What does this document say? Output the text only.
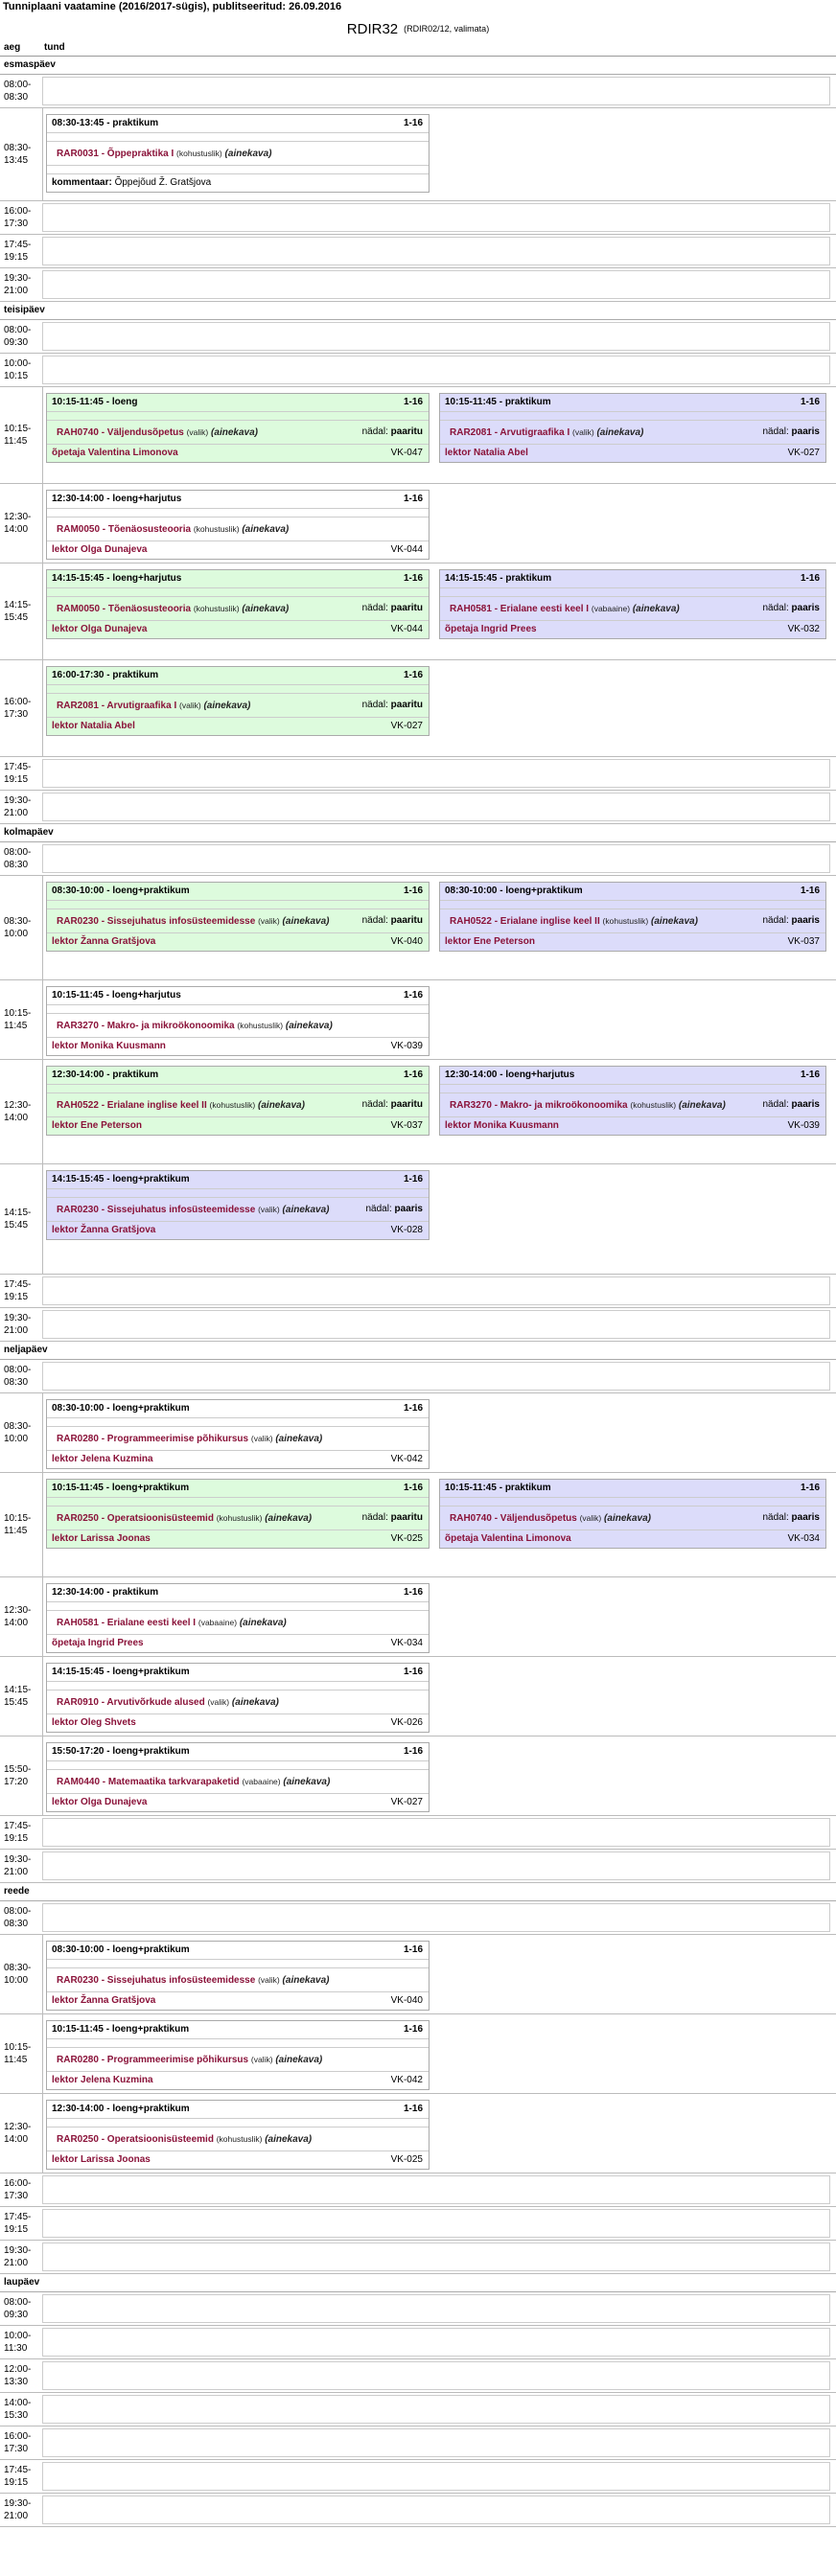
Tunniplaani vaatamine (2016/2017-sügis), publitseeritud: 26.09.2016
RDIR32 $_{(RDIR02/12, valimata)}$
aeg tund
esmaspäev
08:00-
08:30
08:30-
13:45
08:30-13:45 - praktikum	1-16
RAR0031 - Õppepraktika I (kohustuslik) (ainekava)
kommentaar: Õppejõud Ž. Gratšjova
16:00-
17:30
17:45-
19:15
19:30-
21:00
teisipäev
08:00-
09:30
10:00-
10:15
10:15-
11:45
10:15-11:45 - loeng	1-16
RAH0740 - Väljendusõpetus (valik) (ainekava)	nädal: paaritu
õpetaja Valentina Limonova	VK-047
10:15-11:45 - praktikum	1-16
RAR2081 - Arvutigraafika I (valik) (ainekava)	nädal: paaris
lektor Natalia Abel	VK-027
12:30-
14:00
12:30-14:00 - loeng+harjutus	1-16
RAM0050 - Tõenäosusteooria (kohustuslik) (ainekava)
lektor Olga Dunajeva	VK-044
14:15-
15:45
14:15-15:45 - loeng+harjutus	1-16
RAM0050 - Tõenäosusteooria (kohustuslik) (ainekava)	nädal: paaritu
lektor Olga Dunajeva	VK-044
14:15-15:45 - praktikum	1-16
RAH0581 - Erialane eesti keel I (vabaaine) (ainekava)	nädal: paaris
õpetaja Ingrid Prees	VK-032
16:00-
17:30
16:00-17:30 - praktikum	1-16
RAR2081 - Arvutigraafika I (valik) (ainekava)	nädal: paaritu
lektor Natalia Abel	VK-027
17:45-
19:15
19:30-
21:00
kolmapäev
08:00-
08:30
08:30-
10:00
08:30-10:00 - loeng+praktikum	1-16
RAR0230 - Sissejuhatus infosüsteemidesse (valik) (ainekava)	nädal: paaritu
lektor Žanna Gratšjova	VK-040
08:30-10:00 - loeng+praktikum	1-16
RAH0522 - Erialane inglise keel II (kohustuslik) (ainekava)	nädal: paaris
lektor Ene Peterson	VK-037
10:15-
11:45
10:15-11:45 - loeng+harjutus	1-16
RAR3270 - Makro- ja mikroökonoomika (kohustuslik) (ainekava)
lektor Monika Kuusmann	VK-039
12:30-
14:00
12:30-14:00 - praktikum	1-16
RAH0522 - Erialane inglise keel II (kohustuslik) (ainekava)	nädal: paaritu
lektor Ene Peterson	VK-037
12:30-14:00 - loeng+harjutus	1-16
RAR3270 - Makro- ja mikroökonoomika (kohustuslik) (ainekava)	nädal: paaris
lektor Monika Kuusmann	VK-039
14:15-
15:45
14:15-15:45 - loeng+praktikum	1-16
RAR0230 - Sissejuhatus infosüsteemidesse (valik) (ainekava)	nädal: paaris
lektor Žanna Gratšjova	VK-028
17:45-
19:15
19:30-
21:00
neljapäev
08:00-
08:30
08:30-
10:00
08:30-10:00 - loeng+praktikum	1-16
RAR0280 - Programmeerimise põhikursus (valik) (ainekava)
lektor Jelena Kuzmina	VK-042
10:15-
11:45
10:15-11:45 - loeng+praktikum	1-16
RAR0250 - Operatsioonisüsteemid (kohustuslik) (ainekava)	nädal: paaritu
lektor Larissa Joonas	VK-025
10:15-11:45 - praktikum	1-16
RAH0740 - Väljendusõpetus (valik) (ainekava)	nädal: paaris
õpetaja Valentina Limonova	VK-034
12:30-
14:00
12:30-14:00 - praktikum	1-16
RAH0581 - Erialane eesti keel I (vabaaine) (ainekava)
õpetaja Ingrid Prees	VK-034
14:15-
15:45
14:15-15:45 - loeng+praktikum	1-16
RAR0910 - Arvutivõrkude alused (valik) (ainekava)
lektor Oleg Shvets	VK-026
15:50-
17:20
15:50-17:20 - loeng+praktikum	1-16
RAM0440 - Matemaatika tarkvarapaketid (vabaaine) (ainekava)
lektor Olga Dunajeva	VK-027
17:45-
19:15
19:30-
21:00
reede
08:00-
08:30
08:30-
10:00
08:30-10:00 - loeng+praktikum	1-16
RAR0230 - Sissejuhatus infosüsteemidesse (valik) (ainekava)
lektor Žanna Gratšjova	VK-040
10:15-
11:45
10:15-11:45 - loeng+praktikum	1-16
RAR0280 - Programmeerimise põhikursus (valik) (ainekava)
lektor Jelena Kuzmina	VK-042
12:30-
14:00
12:30-14:00 - loeng+praktikum	1-16
RAR0250 - Operatsioonisüsteemid (kohustuslik) (ainekava)
lektor Larissa Joonas	VK-025
16:00-
17:30
17:45-
19:15
19:30-
21:00
laupäev
08:00-
09:30
10:00-
11:30
12:00-
13:30
14:00-
15:30
16:00-
17:30
17:45-
19:15
19:30-
21:00
